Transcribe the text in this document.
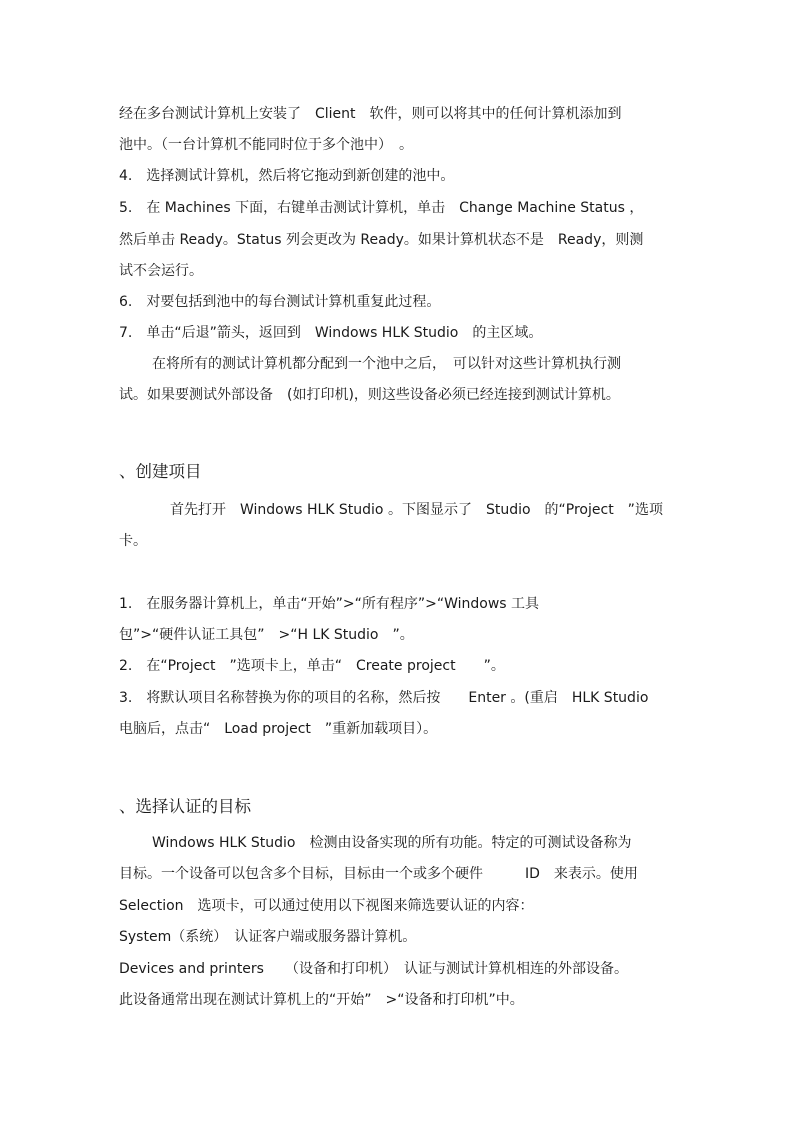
经在多台测试计算机上安装了　Client　软件，则可以将其中的任何计算机添加到
池中。（一台计算机不能同时位于多个池中）　。
4.　选择测试计算机，然后将它拖动到新创建的池中。
5.　在 Machines 下面，右键单击测试计算机，单击　Change Machine Status ，
然后单击 Ready。Status 列会更改为 Ready。如果计算机状态不是　Ready，则测
试不会运行。
6.　对要包括到池中的每台测试计算机重复此过程。
7.　单击“后退”箭头，返回到　Windows HLK Studio　的主区域。
在将所有的测试计算机都分配到一个池中之后，　可以针对这些计算机执行测
试。如果要测试外部设备　(如打印机)，则这些设备必须已经连接到测试计算机。
、创建项目
首先打开　Windows HLK Studio 。下图显示了　Studio　的“Project　”选项
卡。
1.　在服务器计算机上，单击“开始”>“所有程序”>“Windows 工具
包”>“硬件认证工具包”　>“H LK Studio　”。
2.　在“Project　”选项卡上，单击“　Create project　　”。
3.　将默认项目名称替换为你的项目的名称，然后按　　Enter 。(重启　HLK Studio
电脑后，点击“　Load project　”重新加载项目）。
、选择认证的目标
Windows HLK Studio　检测由设备实现的所有功能。特定的可测试设备称为
目标。一个设备可以包含多个目标，目标由一个或多个硬件　　　ID　来表示。使用
Selection　选项卡，可以通过使用以下视图来筛选要认证的内容：
System（系统）　认证客户端或服务器计算机。
Devices and printers　　（设备和打印机）　认证与测试计算机相连的外部设备。
此设备通常出现在测试计算机上的“开始”　>“设备和打印机”中。
